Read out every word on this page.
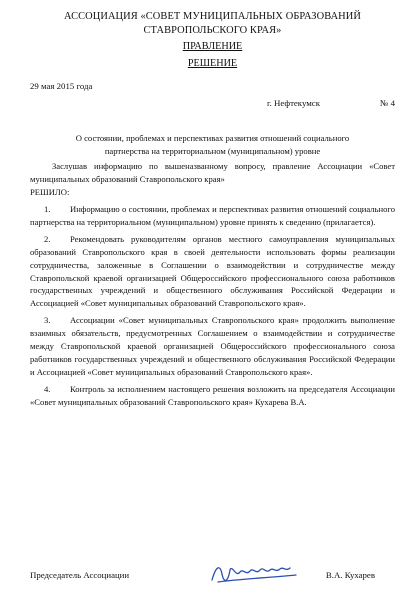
АССОЦИАЦИЯ «СОВЕТ МУНИЦИПАЛЬНЫХ ОБРАЗОВАНИЙ
СТАВРОПОЛЬСКОГО КРАЯ»
ПРАВЛЕНИЕ
РЕШЕНИЕ
29 мая 2015 года
г. Нефтекумск	№ 4
О состоянии, проблемах и перспективах развития отношений социального партнерства на территориальном (муниципальном) уровне
Заслушав информацию по вышеназванному вопросу, правление Ассоциации «Совет муниципальных образований Ставропольского края»
РЕШИЛО:
1. Информацию о состоянии, проблемах и перспективах развития отношений социального партнерства на территориальном (муниципальном) уровне принять к сведению (прилагается).
2. Рекомендовать руководителям органов местного самоуправления муниципальных образований Ставропольского края в своей деятельности использовать формы реализации сотрудничества, заложенные в Соглашении о взаимодействии и сотрудничестве между Ставропольской краевой организацией Общероссийского профессионального союза работников государственных учреждений и общественного обслуживания Российской Федерации и Ассоциацией «Совет муниципальных образований Ставропольского края».
3. Ассоциации «Совет муниципальных Ставропольского края» продолжить выполнение взаимных обязательств, предусмотренных Соглашением о взаимодействии и сотрудничестве между Ставропольской краевой организацией Общероссийского профессионального союза работников государственных учреждений и общественного обслуживания Российской Федерации и Ассоциацией «Совет муниципальных образований Ставропольского края».
4. Контроль за исполнением настоящего решения возложить на председателя Ассоциации «Совет муниципальных образований Ставропольского края» Кухарева В.А.
Председатель Ассоциации	В.А. Кухарев
